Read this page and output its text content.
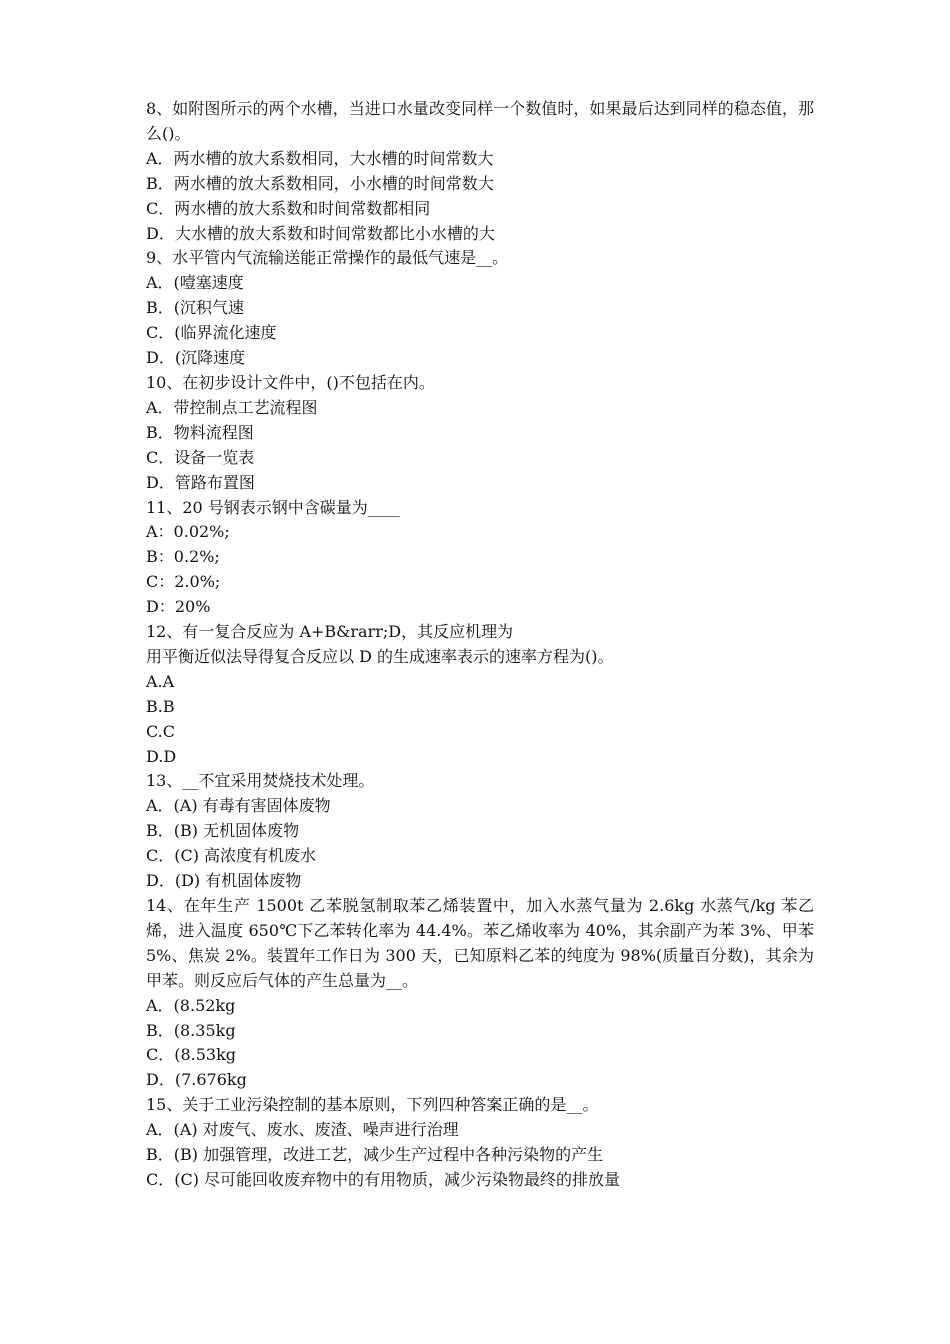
8、如附图所示的两个水槽，当进口水量改变同样一个数值时，如果最后达到同样的稳态值，那么()。
A．两水槽的放大系数相同，大水槽的时间常数大
B．两水槽的放大系数相同，小水槽的时间常数大
C．两水槽的放大系数和时间常数都相同
D．大水槽的放大系数和时间常数都比小水槽的大
9、水平管内气流输送能正常操作的最低气速是__。
A．(噎塞速度
B．(沉积气速
C．(临界流化速度
D．(沉降速度
10、在初步设计文件中，()不包括在内。
A．带控制点工艺流程图
B．物料流程图
C．设备一览表
D．管路布置图
11、20 号钢表示钢中含碳量为____
A：0.02%;
B：0.2%;
C：2.0%;
D：20%
12、有一复合反应为 A+B&rarr;D，其反应机理为
用平衡近似法导得复合反应以 D 的生成速率表示的速率方程为()。
A.A
B.B
C.C
D.D
13、__不宜采用焚烧技术处理。
A．(A) 有毒有害固体废物
B．(B) 无机固体废物
C．(C) 高浓度有机废水
D．(D) 有机固体废物
14、在年生产 1500t 乙苯脱氢制取苯乙烯装置中，加入水蒸气量为 2.6kg 水蒸气/kg 苯乙烯，进入温度 650℃下乙苯转化率为 44.4%。苯乙烯收率为 40%，其余副产为苯 3%、甲苯 5%、焦炭 2%。装置年工作日为 300 天，已知原料乙苯的纯度为 98%(质量百分数)，其余为甲苯。则反应后气体的产生总量为__。
A．(8.52kg
B．(8.35kg
C．(8.53kg
D．(7.676kg
15、关于工业污染控制的基本原则，下列四种答案正确的是__。
A．(A) 对废气、废水、废渣、噪声进行治理
B．(B) 加强管理，改进工艺，减少生产过程中各种污染物的产生
C．(C) 尽可能回收废弃物中的有用物质，减少污染物最终的排放量
